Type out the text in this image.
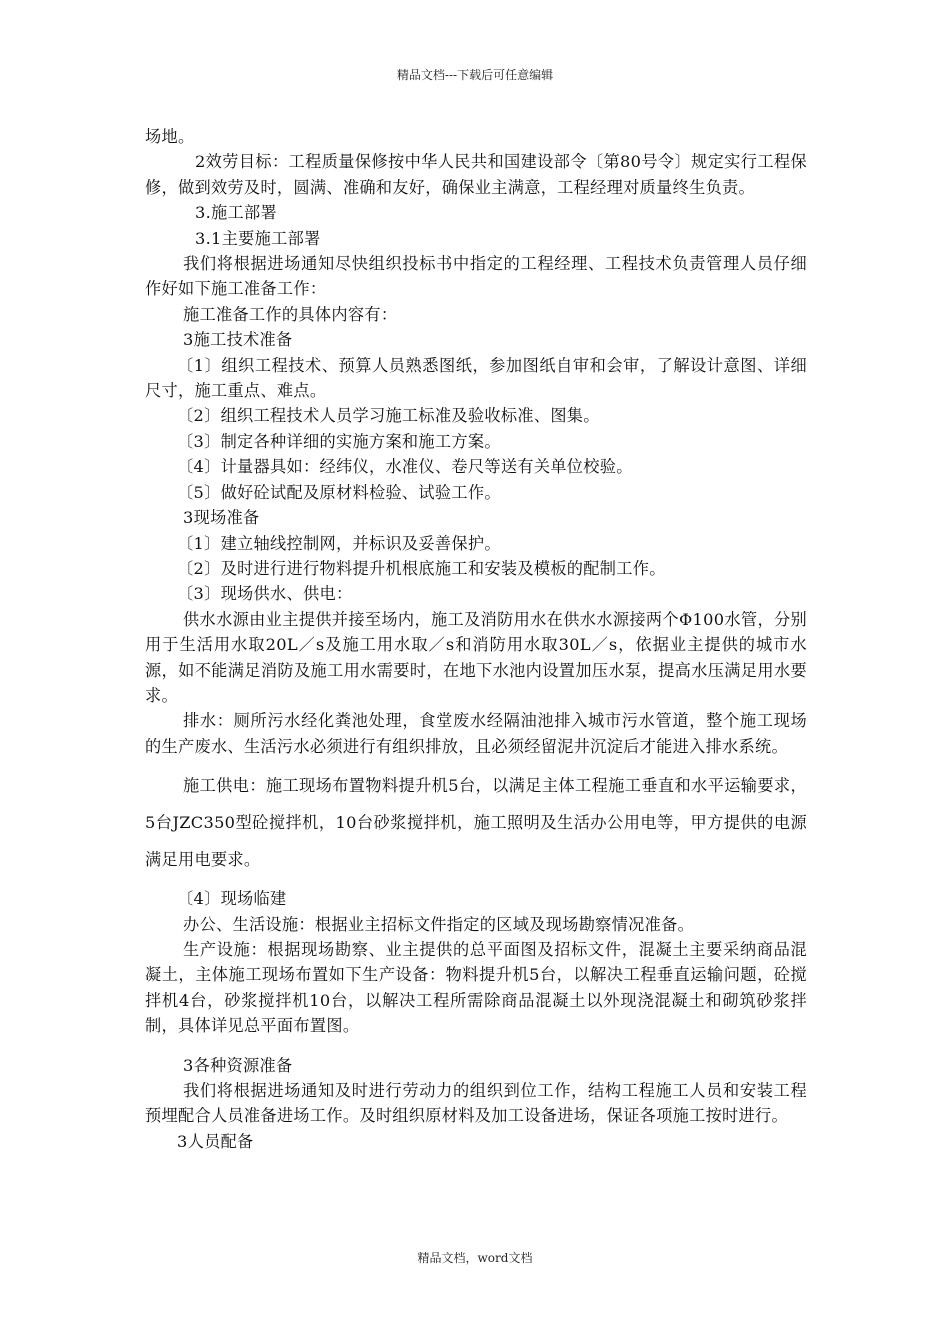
精品文档---下载后可任意编辑

场地。

2效劳目标：工程质量保修按中华人民共和国建设部令〔第80号令〕规定实行工程保修，做到效劳及时，圆满、准确和友好，确保业主满意，工程经理对质量终生负责。

3.施工部署

3.1主要施工部署

我们将根据进场通知尽快组织投标书中指定的工程经理、工程技术负责管理人员仔细作好如下施工准备工作：

施工准备工作的具体内容有：

3施工技术准备

〔1〕组织工程技术、预算人员熟悉图纸，参加图纸自审和会审，了解设计意图、详细尺寸，施工重点、难点。

〔2〕组织工程技术人员学习施工标准及验收标准、图集。

〔3〕制定各种详细的实施方案和施工方案。

〔4〕计量器具如：经纬仪，水准仪、卷尺等送有关单位校验。

〔5〕做好砼试配及原材料检验、试验工作。

3现场准备

〔1〕建立轴线控制网，并标识及妥善保护。

〔2〕及时进行进行物料提升机根底施工和安装及模板的配制工作。

〔3〕现场供水、供电：

供水水源由业主提供并接至场内，施工及消防用水在供水水源接两个Φ100水管，分别用于生活用水取20L／s及施工用水取／s和消防用水取30L／s，依据业主提供的城市水源，如不能满足消防及施工用水需要时，在地下水池内设置加压水泵，提高水压满足用水要求。

排水：厕所污水经化粪池处理，食堂废水经隔油池排入城市污水管道，整个施工现场的生产废水、生活污水必须进行有组织排放，且必须经留泥井沉淀后才能进入排水系统。

施工供电：施工现场布置物料提升机5台，以满足主体工程施工垂直和水平运输要求，5台JZC350型砼搅拌机，10台砂浆搅拌机，施工照明及生活办公用电等，甲方提供的电源满足用电要求。

〔4〕现场临建

办公、生活设施：根据业主招标文件指定的区域及现场勘察情况准备。

生产设施：根据现场勘察、业主提供的总平面图及招标文件，混凝土主要采纳商品混凝土，主体施工现场布置如下生产设备：物料提升机5台，以解决工程垂直运输问题，砼搅拌机4台，砂浆搅拌机10台，以解决工程所需除商品混凝土以外现浇混凝土和砌筑砂浆拌制，具体详见总平面布置图。

3各种资源准备

我们将根据进场通知及时进行劳动力的组织到位工作，结构工程施工人员和安装工程预埋配合人员准备进场工作。及时组织原材料及加工设备进场，保证各项施工按时进行。

3人员配备

精品文档，word文档
